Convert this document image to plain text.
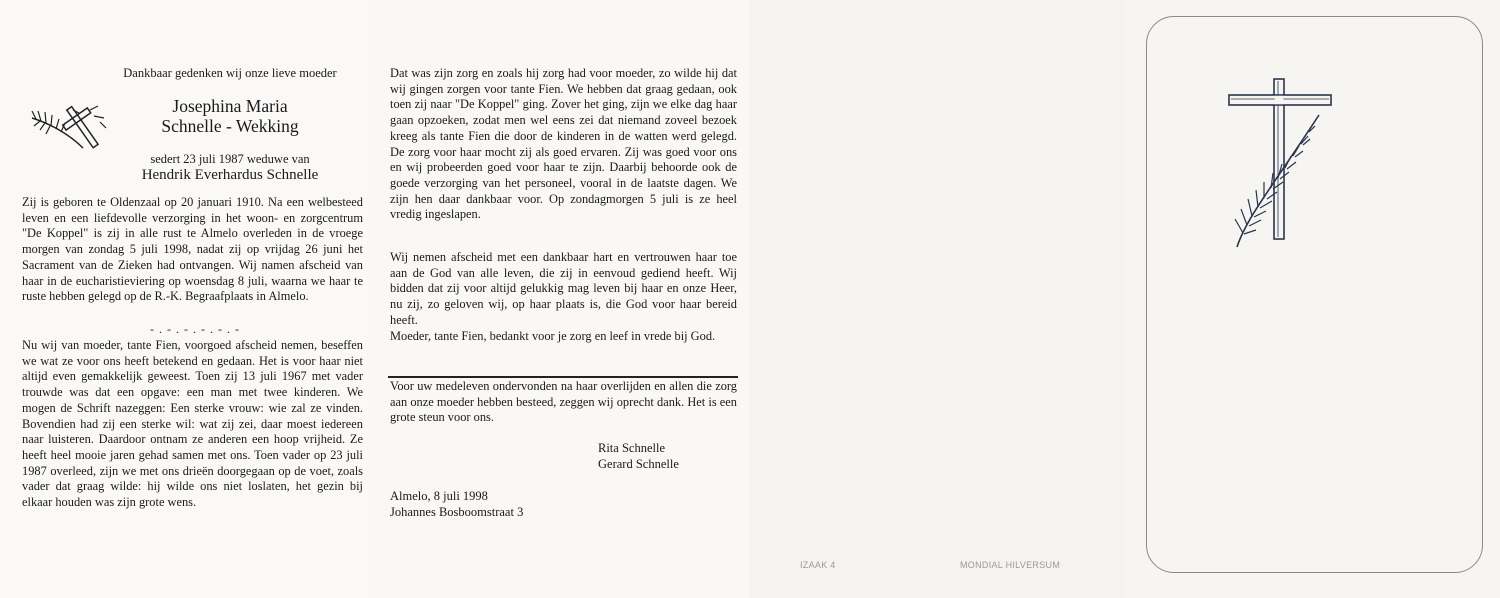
Dankbaar gedenken wij onze lieve moeder
Josephina Maria
Schnelle - Wekking
sedert 23 juli 1987 weduwe van
Hendrik Everhardus Schnelle
Zij is geboren te Oldenzaal op 20 januari 1910. Na een welbesteed leven en een liefdevolle verzorging in het woon- en zorgcentrum "De Koppel" is zij in alle rust te Almelo overleden in de vroege morgen van zondag 5 juli 1998, nadat zij op vrijdag 26 juni het Sacrament van de Zieken had ontvangen. Wij namen afscheid van haar in de eucharistieviering op woensdag 8 juli, waarna we haar te ruste hebben gelegd op de R.-K. Begraafplaats in Almelo.
- . - . - . - . - . -
Nu wij van moeder, tante Fien, voorgoed afscheid nemen, beseffen we wat ze voor ons heeft betekend en gedaan. Het is voor haar niet altijd even gemakkelijk geweest. Toen zij 13 juli 1967 met vader trouwde was dat een opgave: een man met twee kinderen. We mogen de Schrift nazeggen: Een sterke vrouw: wie zal ze vinden. Bovendien had zij een sterke wil: wat zij zei, daar moest iedereen naar luisteren. Daardoor ontnam ze anderen een hoop vrijheid. Ze heeft heel mooie jaren gehad samen met ons. Toen vader op 23 juli 1987 overleed, zijn we met ons drieën doorgegaan op de voet, zoals vader dat graag wilde: hij wilde ons niet loslaten, het gezin bij elkaar houden was zijn grote wens.
Dat was zijn zorg en zoals hij zorg had voor moeder, zo wilde hij dat wij gingen zorgen voor tante Fien. We hebben dat graag gedaan, ook toen zij naar "De Koppel" ging. Zover het ging, zijn we elke dag haar gaan opzoeken, zodat men wel eens zei dat niemand zoveel bezoek kreeg als tante Fien die door de kinderen in de watten werd gelegd. De zorg voor haar mocht zij als goed ervaren. Zij was goed voor ons en wij probeerden goed voor haar te zijn. Daarbij behoorde ook de goede verzorging van het personeel, vooral in de laatste dagen. We zijn hen daar dankbaar voor. Op zondagmorgen 5 juli is ze heel vredig ingeslapen.
Wij nemen afscheid met een dankbaar hart en vertrouwen haar toe aan de God van alle leven, die zij in eenvoud gediend heeft. Wij bidden dat zij voor altijd gelukkig mag leven bij haar en onze Heer, nu zij, zo geloven wij, op haar plaats is, die God voor haar bereid heeft.
Moeder, tante Fien, bedankt voor je zorg en leef in vrede bij God.
Voor uw medeleven ondervonden na haar overlijden en allen die zorg aan onze moeder hebben besteed, zeggen wij oprecht dank. Het is een grote steun voor ons.
Rita Schnelle
Gerard Schnelle
Almelo, 8 juli 1998
Johannes Bosboomstraat 3
IZAAK 4	MONDIAL HILVERSUM
